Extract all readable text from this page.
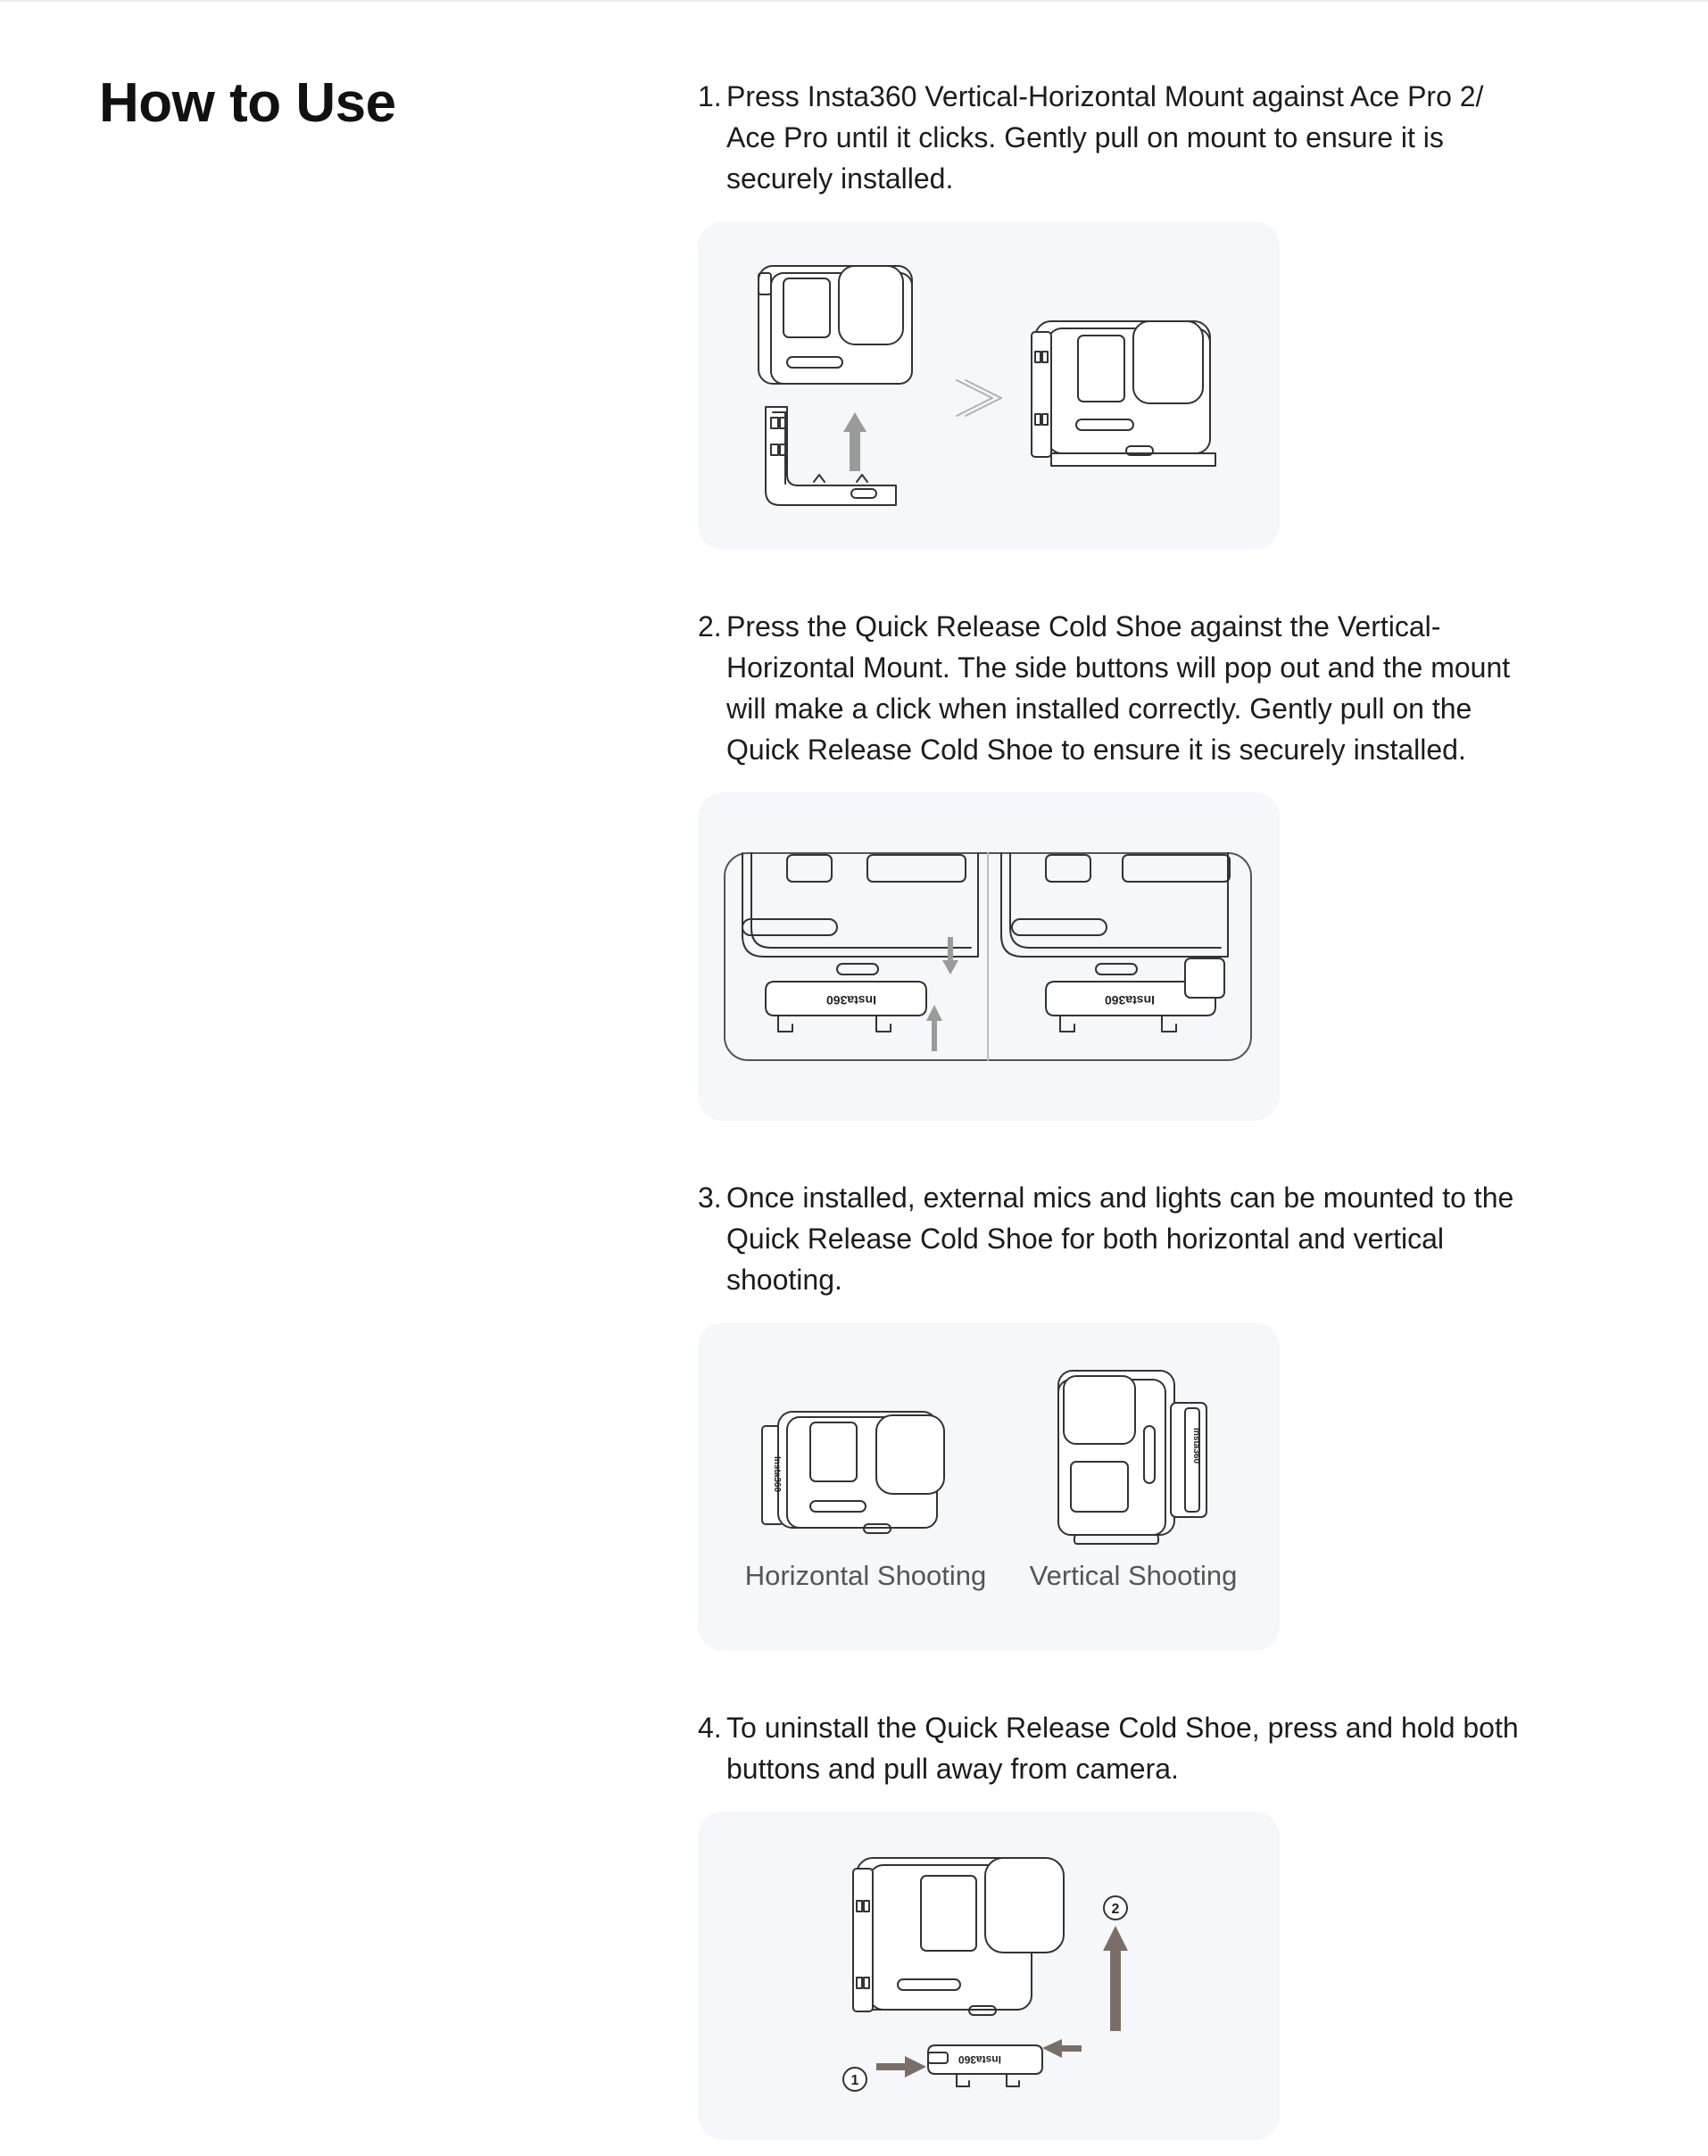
How to Use	1. Press Insta360 Vertical-Horizontal Mount against Ace Pro 2/ Ace Pro until it clicks. Gently pull on mount to ensure it is securely installed.
2. Press the Quick Release Cold Shoe against the Vertical-Horizontal Mount. The side buttons will pop out and the mount will make a click when installed correctly. Gently pull on the Quick Release Cold Shoe to ensure it is securely installed.
Insta360	Insta360
3. Once installed, external mics and lights can be mounted to the Quick Release Cold Shoe for both horizontal and vertical shooting.
Insta360
Insta360
Horizontal Shooting Vertical Shooting
4. To uninstall the Quick Release Cold Shoe, press and hold both buttons and pull away from camera.
Insta360
1
2
